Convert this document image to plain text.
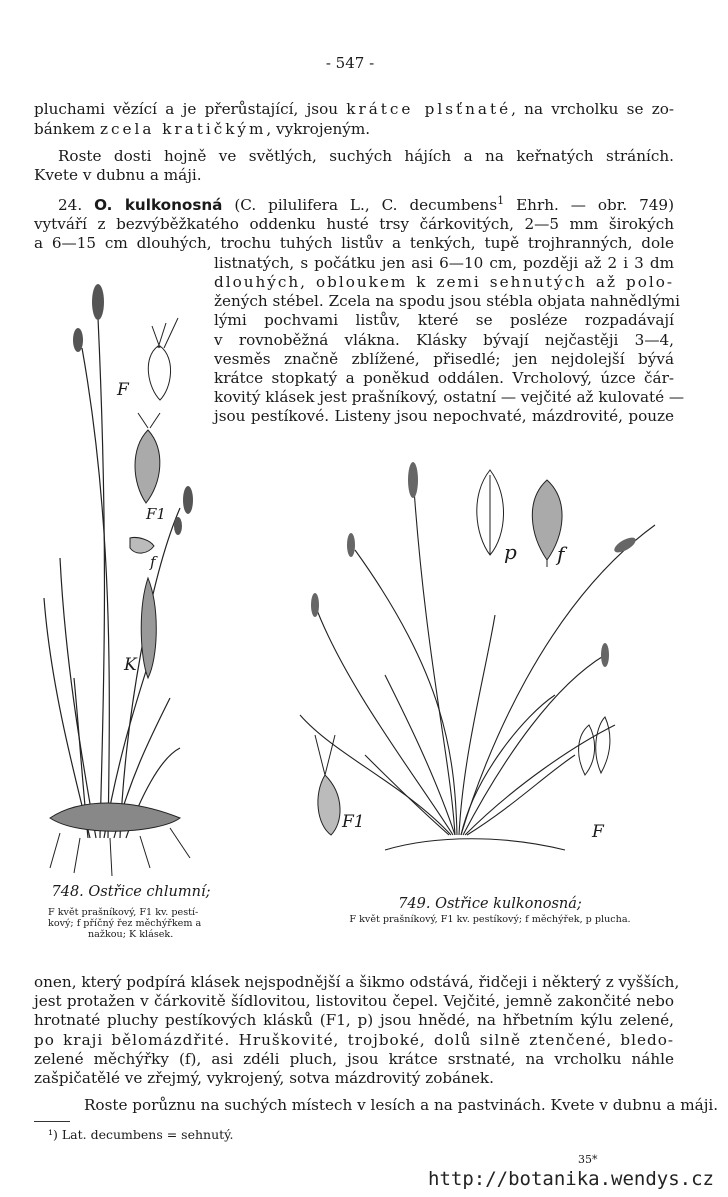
- 547 -
pluchami vězící a je přerůstající, jsou krátce plsťnaté, na vrcholku se zo-
bánkem zcela kratičkým, vykrojeným.
Roste dosti hojně ve světlých, suchých hájích a na keřnatých stráních.
Kvete v dubnu a máji.
24. O. kulkonosná (C. pilulifera L., C. decumbens$^1$ Ehrh. — obr. 749)
vytváří z bezvýběžkatého oddenku husté trsy čárkovitých, 2—5 mm širokých
a 6—15 cm dlouhých, trochu tuhých listův a tenkých, tupě trojhranných, dole
listnatých, s počátku jen asi 6—10 cm, později až 2 i 3 dm
dlouhých, obloukem k zemi sehnutých až polo-
žených stébel. Zcela na spodu jsou stébla objata nahnědlými
lými pochvami listův, které se posléze rozpadávají
v rovnoběžná vlákna. Klásky bývají nejčastěji 3—4,
vesměs značně zblížené, přisedlé; jen nejdolejší bývá
krátce stopkatý a poněkud oddálen. Vrcholový, úzce čár-
kovitý klásek jest prašníkový, ostatní — vejčité až kulovaté —
jsou pestíkové. Listeny jsou nepochvaté, mázdrovité, pouze
F
F1
f
K
p f
F1	F
748. Ostřice chlumní;
F květ prašníkový, F1 kv. pestí-
kový; f příčný řez měchýřkem a
nažkou; K klásek.
749. Ostřice kulkonosná;
F květ prašníkový, F1 kv. pestíkový; f měchýřek, p plucha.
onen, který podpírá klásek nejspodnější a šikmo odstává, řidčeji i některý z vyšších,
jest protažen v čárkovitě šídlovitou, listovitou čepel. Vejčité, jemně zakončité nebo
hrotnaté pluchy pestíkových klásků (F1, p) jsou hnědé, na hřbetním kýlu zelené,
po kraji bělomázdřité. Hruškovité, trojboké, dolů silně ztenčené, bledo-
zelené měchýřky (f), asi zdéli pluch, jsou krátce srstnaté, na vrcholku náhle
zašpičatělé ve zřejmý, vykrojený, sotva mázdrovitý zobánek.
Roste porůznu na suchých místech v lesích a na pastvinách. Kvete v dubnu a máji.
¹) Lat. decumbens = sehnutý.
35*
http://botanika.wendys.cz
